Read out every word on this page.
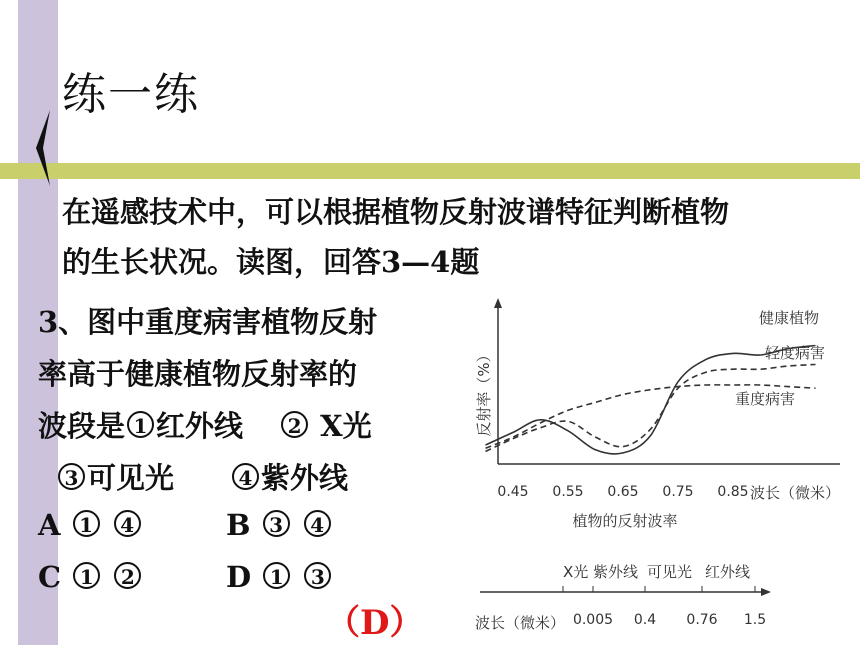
练一练
在遥感技术中，可以根据植物反射波谱特征判断植物
的生长状况。读图，回答3—4题
3、图中重度病害植物反射
率高于健康植物反射率的
波段是 1 红外线 2 X光
3 可见光	4 紫外线
A 1 4	B 3 4
C 1 2	D 1 3
（D）
反射率（%）
健康植物
轻度病害
重度病害
0.45 0.55 0.65 0.75 0.85 波长（微米）
植物的反射波率
X光 紫外线 可见光 红外线
波长（微米） 0.005 0.4 0.76 1.5
